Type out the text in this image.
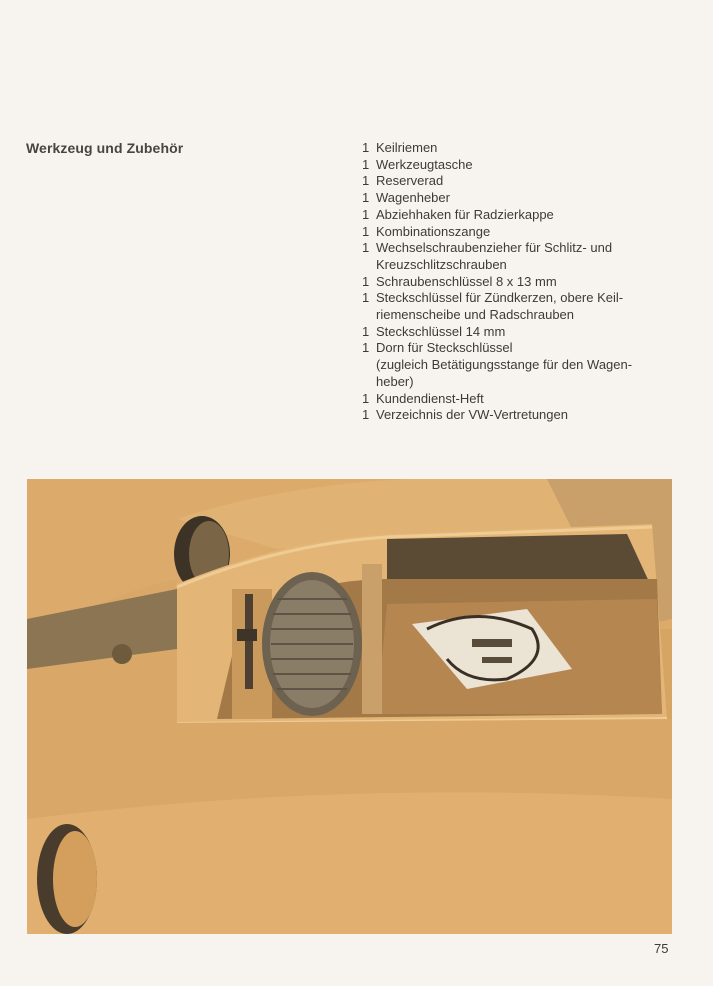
Werkzeug und Zubehör	1 Keilriemen
1 Werkzeugtasche
1 Reserverad
1 Wagenheber
1 Abziehhaken für Radzierkappe
1 Kombinationszange
1 Wechselschraubenzieher für Schlitz- und
Kreuzschlitzschrauben
1 Schraubenschlüssel 8 x 13 mm
1 Steckschlüssel für Zündkerzen, obere Keil-
riemenscheibe und Radschrauben
1 Steckschlüssel 14 mm
1 Dorn für Steckschlüssel
(zugleich Betätigungsstange für den Wagen-
heber)
1 Kundendienst-Heft
1 Verzeichnis der VW-Vertretungen
75
